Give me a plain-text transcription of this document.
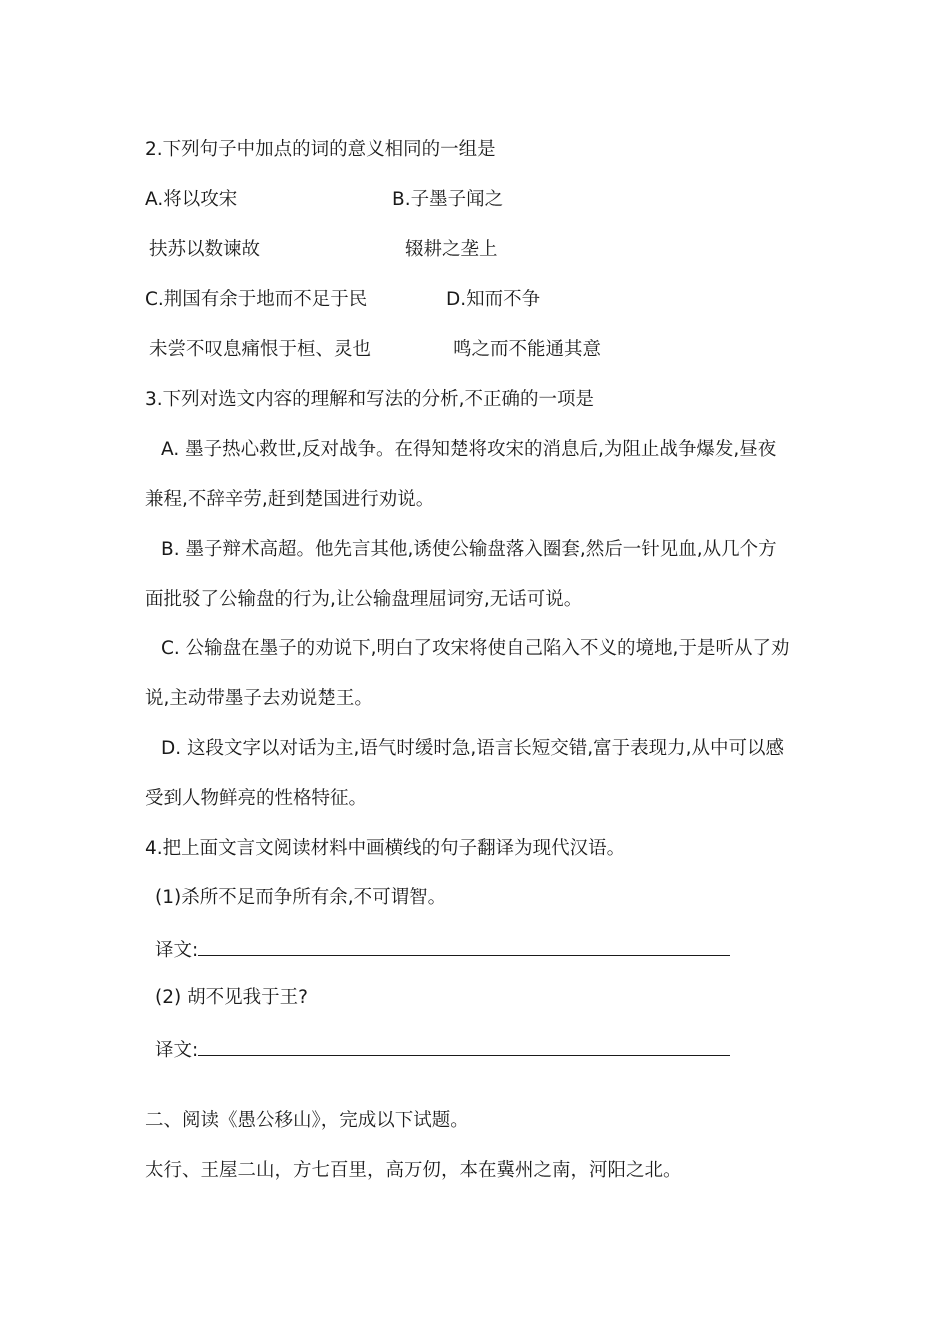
2.下列句子中加点的词的意义相同的一组是
A.将以攻宋	B.子墨子闻之
扶苏以数谏故	辍耕之垄上
C.荆国有余于地而不足于民	D.知而不争
未尝不叹息痛恨于桓、灵也	鸣之而不能通其意
3.下列对选文内容的理解和写法的分析,不正确的一项是
A. 墨子热心救世,反对战争。在得知楚将攻宋的消息后,为阻止战争爆发,昼夜
兼程,不辞辛劳,赶到楚国进行劝说。
B. 墨子辩术高超。他先言其他,诱使公输盘落入圈套,然后一针见血,从几个方
面批驳了公输盘的行为,让公输盘理屈词穷,无话可说。
C. 公输盘在墨子的劝说下,明白了攻宋将使自己陷入不义的境地,于是听从了劝
说,主动带墨子去劝说楚王。
D. 这段文字以对话为主,语气时缓时急,语言长短交错,富于表现力,从中可以感
受到人物鲜亮的性格特征。
4.把上面文言文阅读材料中画横线的句子翻译为现代汉语。
(1)杀所不足而争所有余,不可谓智。
译文:
(2) 胡不见我于王?
译文:
二、阅读《愚公移山》，完成以下试题。
太行、王屋二山，方七百里，高万仞，本在冀州之南，河阳之北。
